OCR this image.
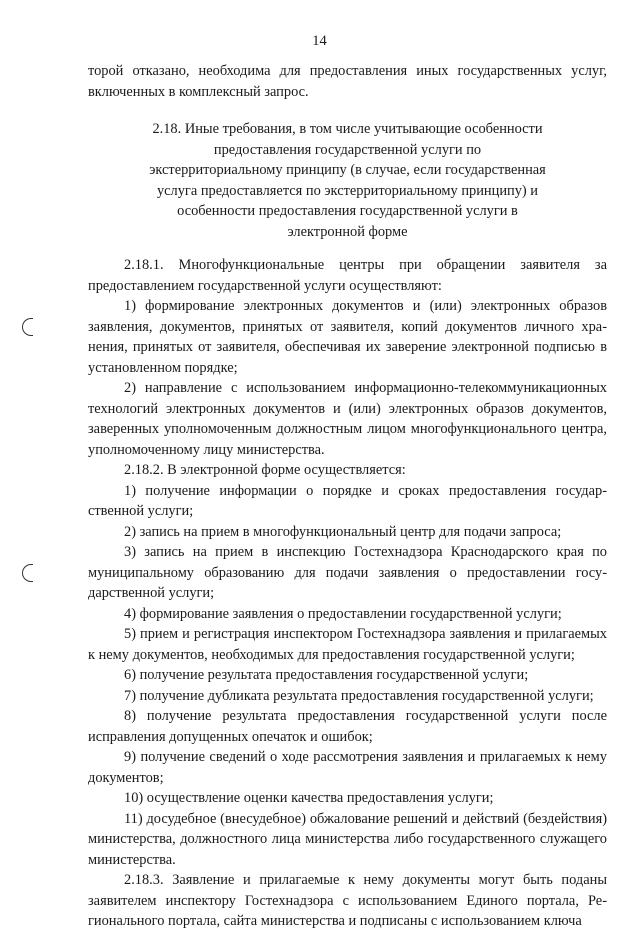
14

торой отказано, необходима для предоставления иных государственных услуг, включенных в комплексный запрос.

2.18. Иные требования, в том числе учитывающие особенности предоставления государственной услуги по экстерриториальному принципу (в случае, если государственная услуга предоставляется по экстерриториальному принципу) и особенности предоставления государственной услуги в электронной форме

2.18.1. Многофункциональные центры при обращении заявителя за предоставлением государственной услуги осуществляют:

1) формирование электронных документов и (или) электронных образов заявления, документов, принятых от заявителя, копий документов личного хранения, принятых от заявителя, обеспечивая их заверение электронной подписью в установленном порядке;

2) направление с использованием информационно-телекоммуникационных технологий электронных документов и (или) электронных образов документов, заверенных уполномоченным должностным лицом многофункционального центра, уполномоченному лицу министерства.

2.18.2. В электронной форме осуществляется:

1) получение информации о порядке и сроках предоставления государственной услуги;

2) запись на прием в многофункциональный центр для подачи запроса;

3) запись на прием в инспекцию Гостехнадзора Краснодарского края по муниципальному образованию для подачи заявления о предоставлении государственной услуги;

4) формирование заявления о предоставлении государственной услуги;

5) прием и регистрация инспектором Гостехнадзора заявления и прилагаемых к нему документов, необходимых для предоставления государственной услуги;

6) получение результата предоставления государственной услуги;

7) получение дубликата результата предоставления государственной услуги;

8) получение результата предоставления государственной услуги после исправления допущенных опечаток и ошибок;

9) получение сведений о ходе рассмотрения заявления и прилагаемых к нему документов;

10) осуществление оценки качества предоставления услуги;

11) досудебное (внесудебное) обжалование решений и действий (бездействия) министерства, должностного лица министерства либо государственного служащего министерства.

2.18.3. Заявление и прилагаемые к нему документы могут быть поданы заявителем инспектору Гостехнадзора с использованием Единого портала, Регионального портала, сайта министерства и подписаны с использованием ключа
